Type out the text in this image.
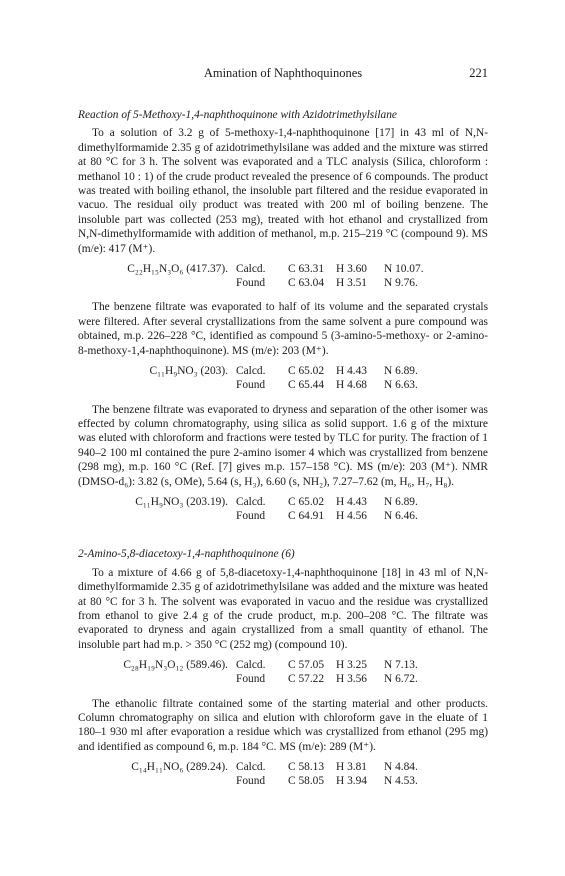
Amination of Naphthoquinones	221

Reaction of 5-Methoxy-1,4-naphthoquinone with Azidotrimethylsilane

To a solution of 3.2 g of 5-methoxy-1,4-naphthoquinone [17] in 43 ml of N,N-dimethylformamide 2.35 g of azidotrimethylsilane was added and the mixture was stirred at 80 °C for 3 h. The solvent was evaporated and a TLC analysis (Silica, chloroform : methanol 10 : 1) of the crude product revealed the presence of 6 compounds. The product was treated with boiling ethanol, the insoluble part filtered and the residue evaporated in vacuo. The residual oily product was treated with 200 ml of boiling benzene. The insoluble part was collected (253 mg), treated with hot ethanol and crystallized from N,N-dimethylformamide with addition of methanol, m.p. 215–219 °C (compound 9). MS (m/e): 417 (M⁺).

C₂₂H₁₅N₃O₆ (417.37). Calcd.	C 63.31	H 3.60	N 10.07.
Found	C 63.04	H 3.51	N 9.76.

The benzene filtrate was evaporated to half of its volume and the separated crystals were filtered. After several crystallizations from the same solvent a pure compound was obtained, m.p. 226–228 °C, identified as compound 5 (3-amino-5-methoxy- or 2-amino-8-methoxy-1,4-naphthoquinone). MS (m/e): 203 (M⁺).

C₁₁H₉NO₃ (203). Calcd.	C 65.02	H 4.43	N 6.89.
Found	C 65.44	H 4.68	N 6.63.

The benzene filtrate was evaporated to dryness and separation of the other isomer was effected by column chromatography, using silica as solid support. 1.6 g of the mixture was eluted with chloroform and fractions were tested by TLC for purity. The fraction of 1 940–2 100 ml contained the pure 2-amino isomer 4 which was crystallized from benzene (298 mg), m.p. 160 °C (Ref. [7] gives m.p. 157–158 °C). MS (m/e): 203 (M⁺). NMR (DMSO-d₆): 3.82 (s, OMe), 5.64 (s, H₃), 6.60 (s, NH₂), 7.27–7.62 (m, H₆, H₇, H₈).

C₁₁H₉NO₃ (203.19). Calcd.	C 65.02	H 4.43	N 6.89.
Found	C 64.91	H 4.56	N 6.46.

2-Amino-5,8-diacetoxy-1,4-naphthoquinone (6)

To a mixture of 4.66 g of 5,8-diacetoxy-1,4-naphthoquinone [18] in 43 ml of N,N-dimethylformamide 2.35 g of azidotrimethylsilane was added and the mixture was heated at 80 °C for 3 h. The solvent was evaporated in vacuo and the residue was crystallized from ethanol to give 2.4 g of the crude product, m.p. 200–208 °C. The filtrate was evaporated to dryness and again crystallized from a small quantity of ethanol. The insoluble part had m.p. > 350 °C (252 mg) (compound 10).

C₂₈H₁₉N₃O₁₂ (589.46). Calcd.	C 57.05	H 3.25	N 7.13.
Found	C 57.22	H 3.56	N 6.72.

The ethanolic filtrate contained some of the starting material and other products. Column chromatography on silica and elution with chloroform gave in the eluate of 1 180–1 930 ml after evaporation a residue which was crystallized from ethanol (295 mg) and identified as compound 6, m.p. 184 °C. MS (m/e): 289 (M⁺).

C₁₄H₁₁NO₆ (289.24). Calcd.	C 58.13	H 3.81	N 4.84.
Found	C 58.05	H 3.94	N 4.53.
